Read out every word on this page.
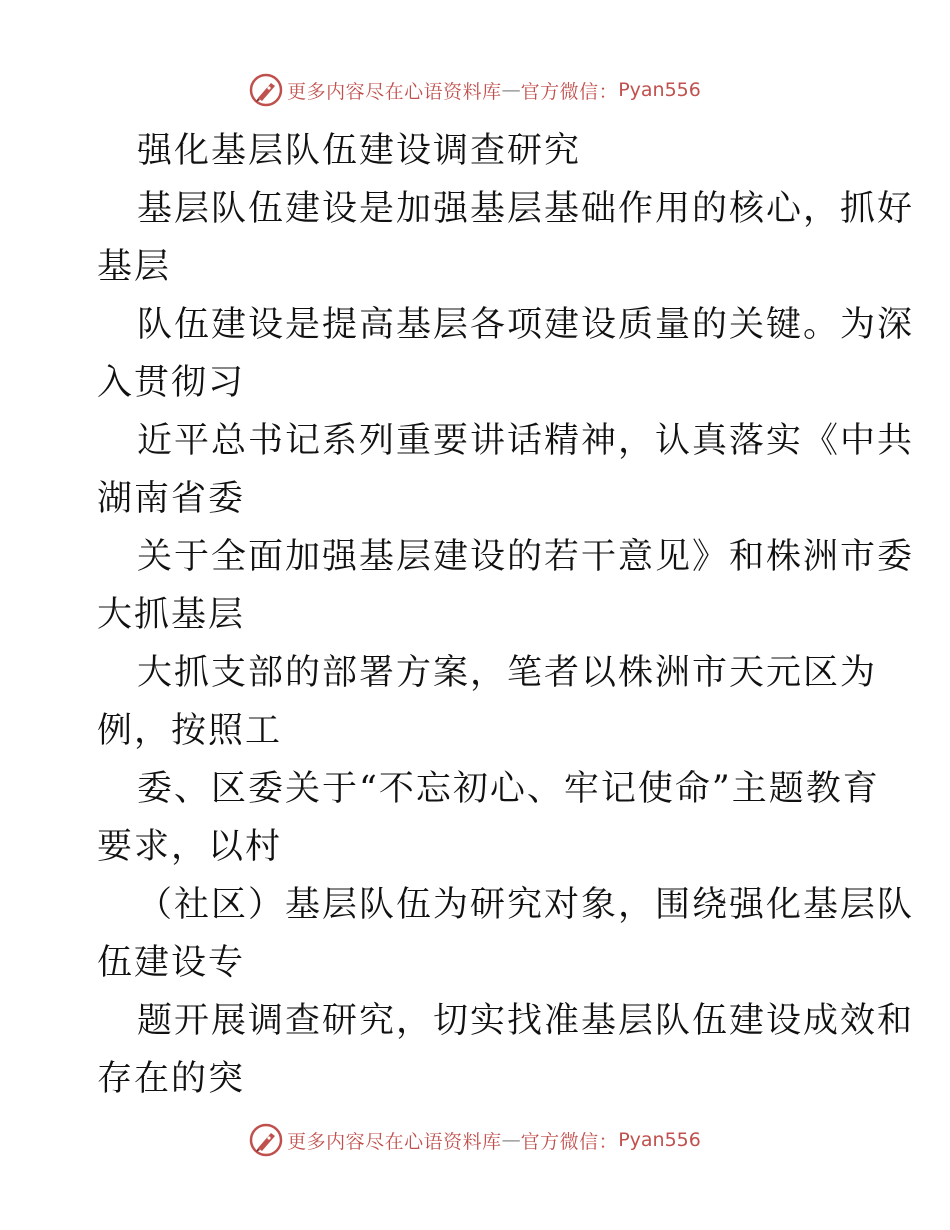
更多内容尽在心语资料库 — 官方微信： Pyan556
强化基层队伍建设调查研究
基层队伍建设是加强基层基础作用的核心，抓好
基层
队伍建设是提高基层各项建设质量的关键。为深
入贯彻习
近平总书记系列重要讲话精神，认真落实《中共
湖南省委
关于全面加强基层建设的若干意见》和株洲市委
大抓基层
大抓支部的部署方案，笔者以株洲市天元区为
例，按照工
委、区委关于“不忘初心、牢记使命”主题教育
要求，以村
（社区）基层队伍为研究对象，围绕强化基层队
伍建设专
题开展调查研究，切实找准基层队伍建设成效和
存在的突
更多内容尽在心语资料库 — 官方微信： Pyan556
